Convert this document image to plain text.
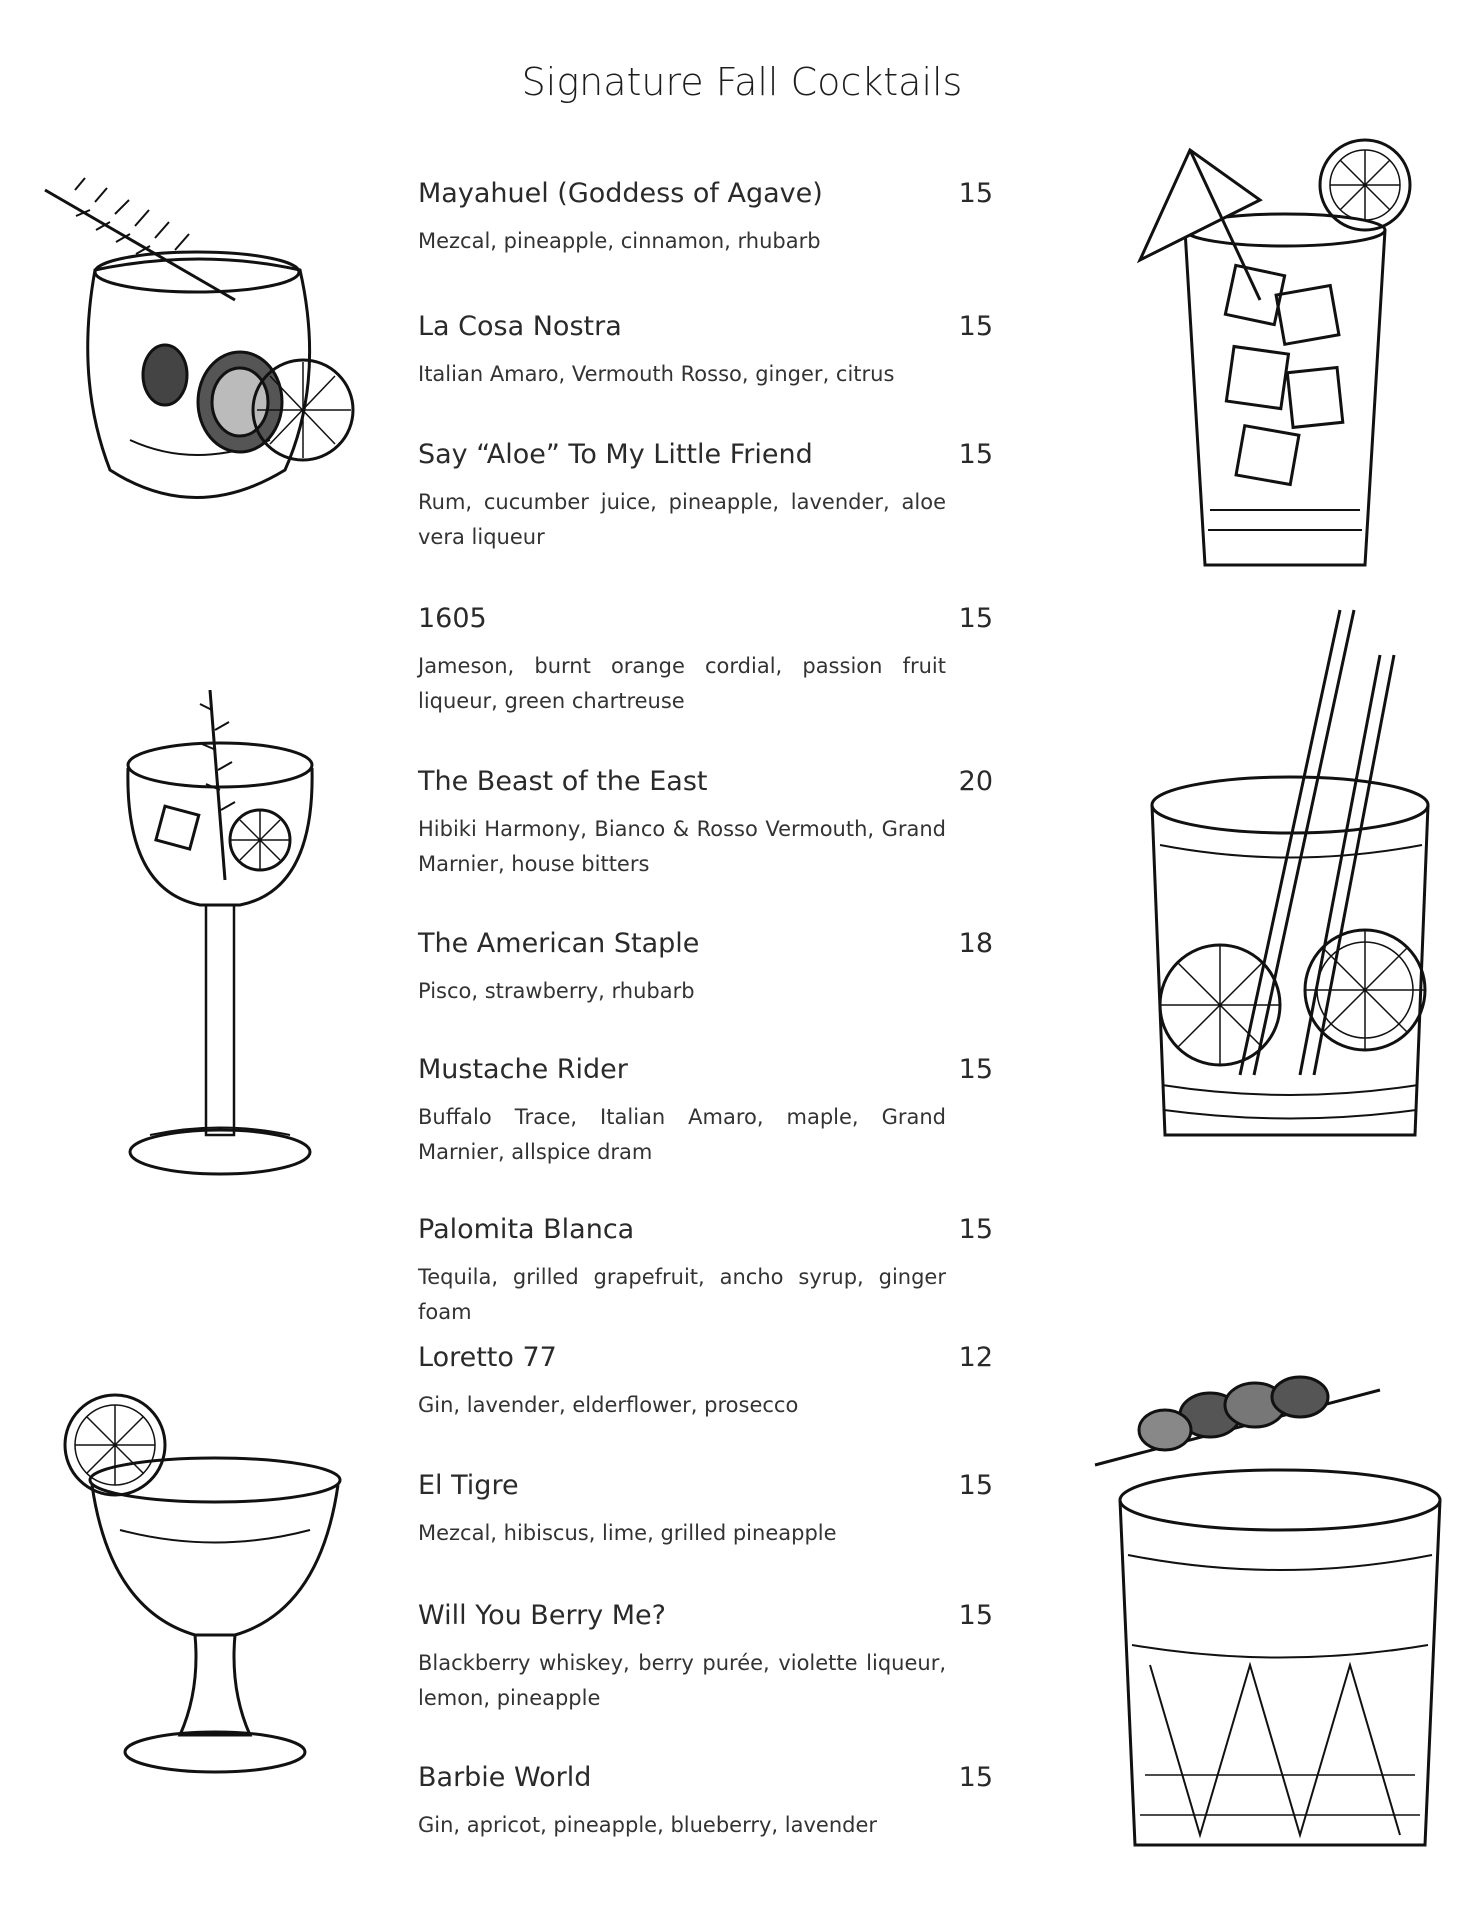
Signature Fall Cocktails
Mayahuel (Goddess of Agave)	15
Mezcal, pineapple, cinnamon, rhubarb
La Cosa Nostra	15
Italian Amaro, Vermouth Rosso, ginger, citrus
Say “Aloe” To My Little Friend	15
Rum, cucumber juice, pineapple, lavender, aloe vera liqueur
1605	15
Jameson, burnt orange cordial, passion fruit liqueur, green chartreuse
The Beast of the East	20
Hibiki Harmony, Bianco & Rosso Vermouth, Grand Marnier, house bitters
The American Staple	18
Pisco, strawberry, rhubarb
Mustache Rider	15
Buffalo Trace, Italian Amaro, maple, Grand Marnier, allspice dram
Palomita Blanca	15
Tequila, grilled grapefruit, ancho syrup, ginger foam
Loretto 77	12
Gin, lavender, elderflower, prosecco
El Tigre	15
Mezcal, hibiscus, lime, grilled pineapple
Will You Berry Me?	15
Blackberry whiskey, berry purée, violette liqueur, lemon, pineapple
Barbie World	15
Gin, apricot, pineapple, blueberry, lavender
